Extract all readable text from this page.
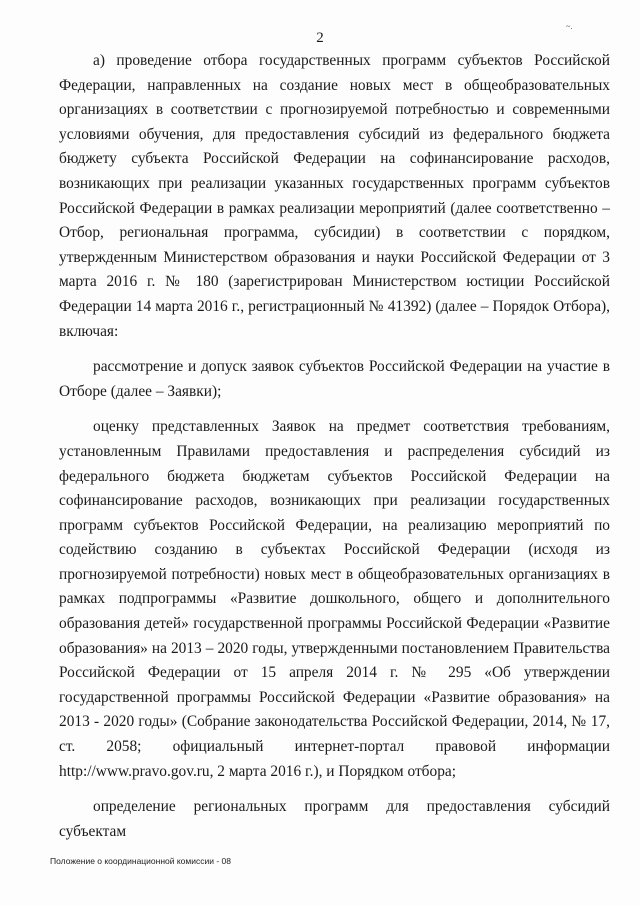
~.
2

а) проведение отбора государственных программ субъектов Российской Федерации, направленных на создание новых мест в общеобразовательных организациях в соответствии с прогнозируемой потребностью и современными условиями обучения, для предоставления субсидий из федерального бюджета бюджету субъекта Российской Федерации на софинансирование расходов, возникающих при реализации указанных государственных программ субъектов Российской Федерации в рамках реализации мероприятий (далее соответственно – Отбор, региональная программа, субсидии) в соответствии с порядком, утвержденным Министерством образования и науки Российской Федерации от 3 марта 2016 г. № 180 (зарегистрирован Министерством юстиции Российской Федерации 14 марта 2016 г., регистрационный № 41392) (далее – Порядок Отбора), включая:

рассмотрение и допуск заявок субъектов Российской Федерации на участие в Отборе (далее – Заявки);

оценку представленных Заявок на предмет соответствия требованиям, установленным Правилами предоставления и распределения субсидий из федерального бюджета бюджетам субъектов Российской Федерации на софинансирование расходов, возникающих при реализации государственных программ субъектов Российской Федерации, на реализацию мероприятий по содействию созданию в субъектах Российской Федерации (исходя из прогнозируемой потребности) новых мест в общеобразовательных организациях в рамках подпрограммы «Развитие дошкольного, общего и дополнительного образования детей» государственной программы Российской Федерации «Развитие образования» на 2013 – 2020 годы, утвержденными постановлением Правительства Российской Федерации от 15 апреля 2014 г. № 295 «Об утверждении государственной программы Российской Федерации «Развитие образования» на 2013 - 2020 годы» (Собрание законодательства Российской Федерации, 2014, № 17, ст. 2058; официальный интернет-портал правовой информации http://www.pravo.gov.ru, 2 марта 2016 г.), и Порядком отбора;

определение региональных программ для предоставления субсидий субъектам

Положение о координационной комиссии - 08
